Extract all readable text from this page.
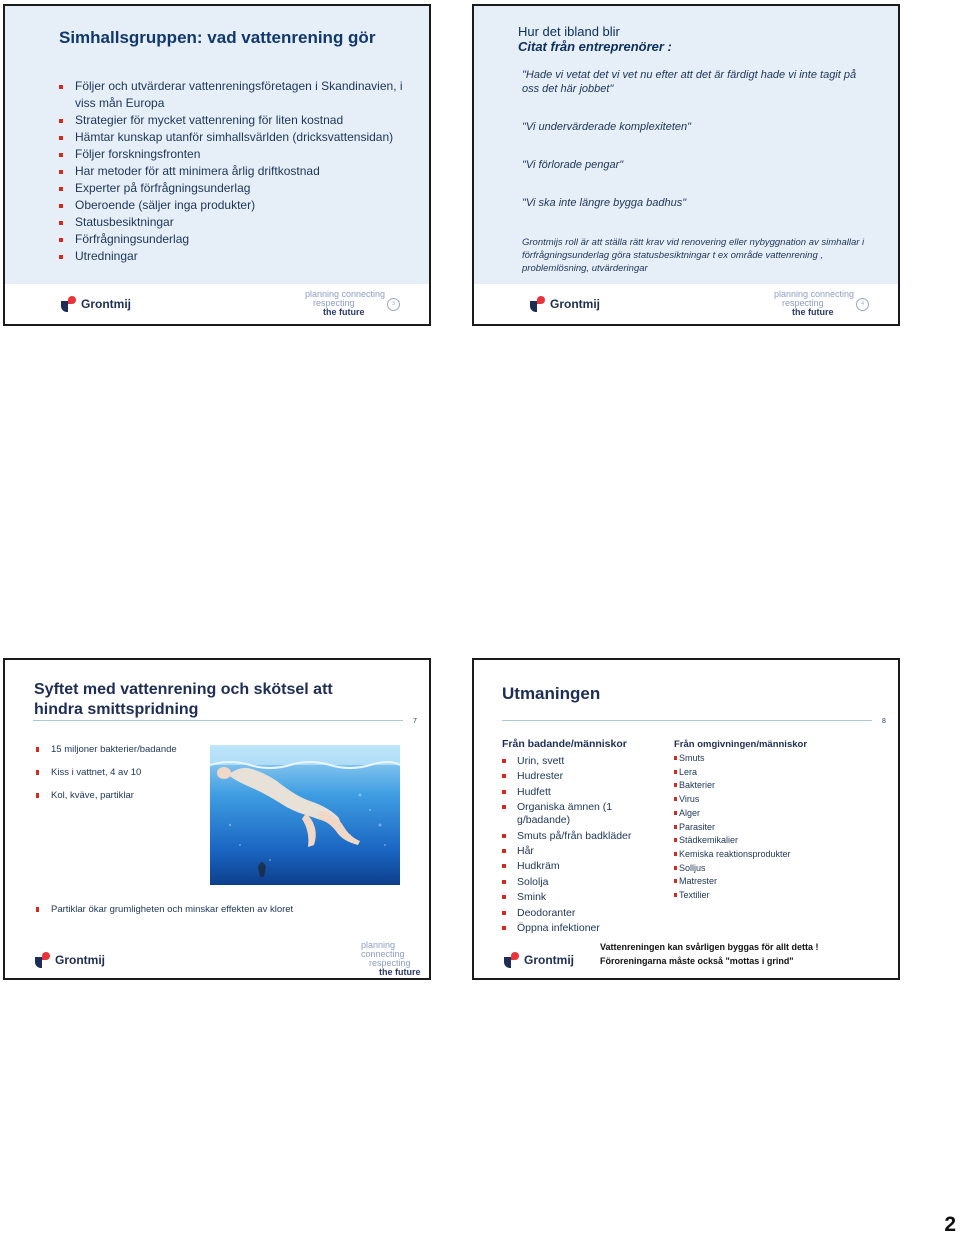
Simhallsgruppen: vad vattenrening gör
Följer och utvärderar vattenreningsföretagen i Skandinavien, i viss mån Europa
Strategier för mycket vattenrening för liten kostnad
Hämtar kunskap utanför simhallsvärlden (dricksvattensidan)
Följer forskningsfronten
Har metoder för att minimera årlig driftkostnad
Experter på förfrågningsunderlag
Oberoende (säljer inga produkter)
Statusbesiktningar
Förfrågningsunderlag
Utredningar
Grontmij
planning connecting
respecting
the future
3
Hur det ibland blir
Citat från entreprenörer :
"Hade vi vetat det vi vet nu efter att det är färdigt hade vi inte tagit på oss det här jobbet"
"Vi undervärderade komplexiteten"
"Vi förlorade pengar"
"Vi ska inte längre bygga badhus"
Grontmijs roll är att ställa rätt krav vid renovering eller nybyggnation av simhallar i förfrågningsunderlag göra statusbesiktningar t ex område vattenrening , problemlösning, utvärderingar
Grontmij
planning connecting
respecting
the future
4
Syftet med vattenrening och skötsel att hindra smittspridning
7
15 miljoner bakterier/badande
Kiss i vattnet, 4 av 10
Kol, kväve, partiklar
Partiklar ökar grumligheten och minskar effekten av kloret
Grontmij
planning connecting
respecting
the future
Utmaningen
8
Från badande/människor
Urin, svett
Hudrester
Hudfett
Organiska ämnen (1 g/badande)
Smuts på/från badkläder
Hår
Hudkräm
Sololja
Smink
Deodoranter
Öppna infektioner
Från omgivningen/människor
Smuts
Lera
Bakterier
Virus
Alger
Parasiter
Städkemikalier
Kemiska reaktionsprodukter
Solljus
Matrester
Textilier
Vattenreningen kan svårligen byggas för allt detta !
Föroreningarna måste också "mottas i grind"
Grontmij
2
